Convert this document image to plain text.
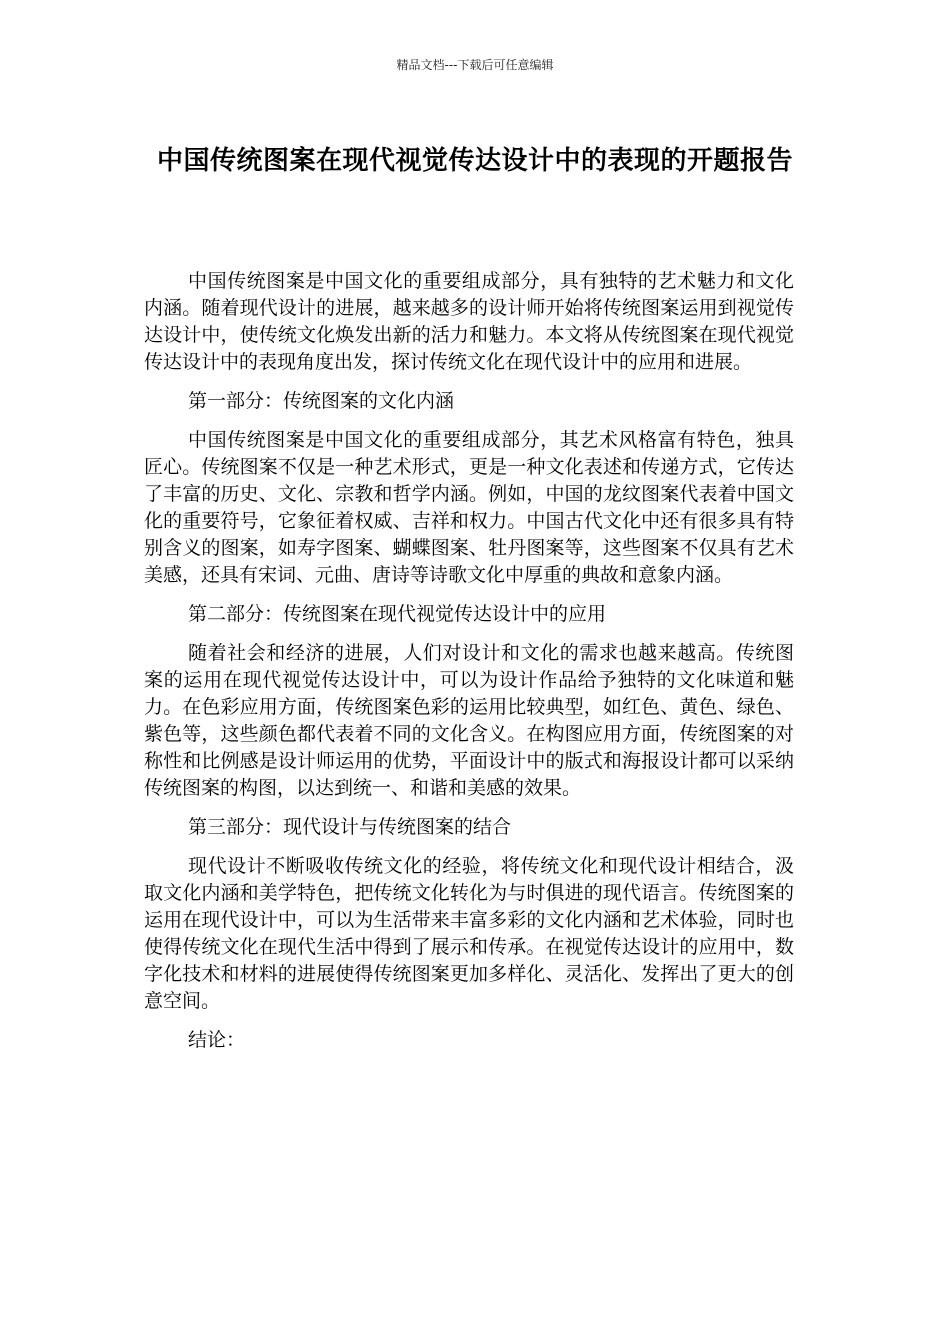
精品文档---下载后可任意编辑
中国传统图案在现代视觉传达设计中的表现的开题报告

中国传统图案是中国文化的重要组成部分，具有独特的艺术魅力和文化内涵。随着现代设计的进展，越来越多的设计师开始将传统图案运用到视觉传达设计中，使传统文化焕发出新的活力和魅力。本文将从传统图案在现代视觉传达设计中的表现角度出发，探讨传统文化在现代设计中的应用和进展。

第一部分：传统图案的文化内涵

中国传统图案是中国文化的重要组成部分，其艺术风格富有特色，独具匠心。传统图案不仅是一种艺术形式，更是一种文化表述和传递方式，它传达了丰富的历史、文化、宗教和哲学内涵。例如，中国的龙纹图案代表着中国文化的重要符号，它象征着权威、吉祥和权力。中国古代文化中还有很多具有特别含义的图案，如寿字图案、蝴蝶图案、牡丹图案等，这些图案不仅具有艺术美感，还具有宋词、元曲、唐诗等诗歌文化中厚重的典故和意象内涵。

第二部分：传统图案在现代视觉传达设计中的应用

随着社会和经济的进展，人们对设计和文化的需求也越来越高。传统图案的运用在现代视觉传达设计中，可以为设计作品给予独特的文化味道和魅力。在色彩应用方面，传统图案色彩的运用比较典型，如红色、黄色、绿色、紫色等，这些颜色都代表着不同的文化含义。在构图应用方面，传统图案的对称性和比例感是设计师运用的优势，平面设计中的版式和海报设计都可以采纳传统图案的构图，以达到统一、和谐和美感的效果。

第三部分：现代设计与传统图案的结合

现代设计不断吸收传统文化的经验，将传统文化和现代设计相结合，汲取文化内涵和美学特色，把传统文化转化为与时俱进的现代语言。传统图案的运用在现代设计中，可以为生活带来丰富多彩的文化内涵和艺术体验，同时也使得传统文化在现代生活中得到了展示和传承。在视觉传达设计的应用中，数字化技术和材料的进展使得传统图案更加多样化、灵活化、发挥出了更大的创意空间。

结论：
